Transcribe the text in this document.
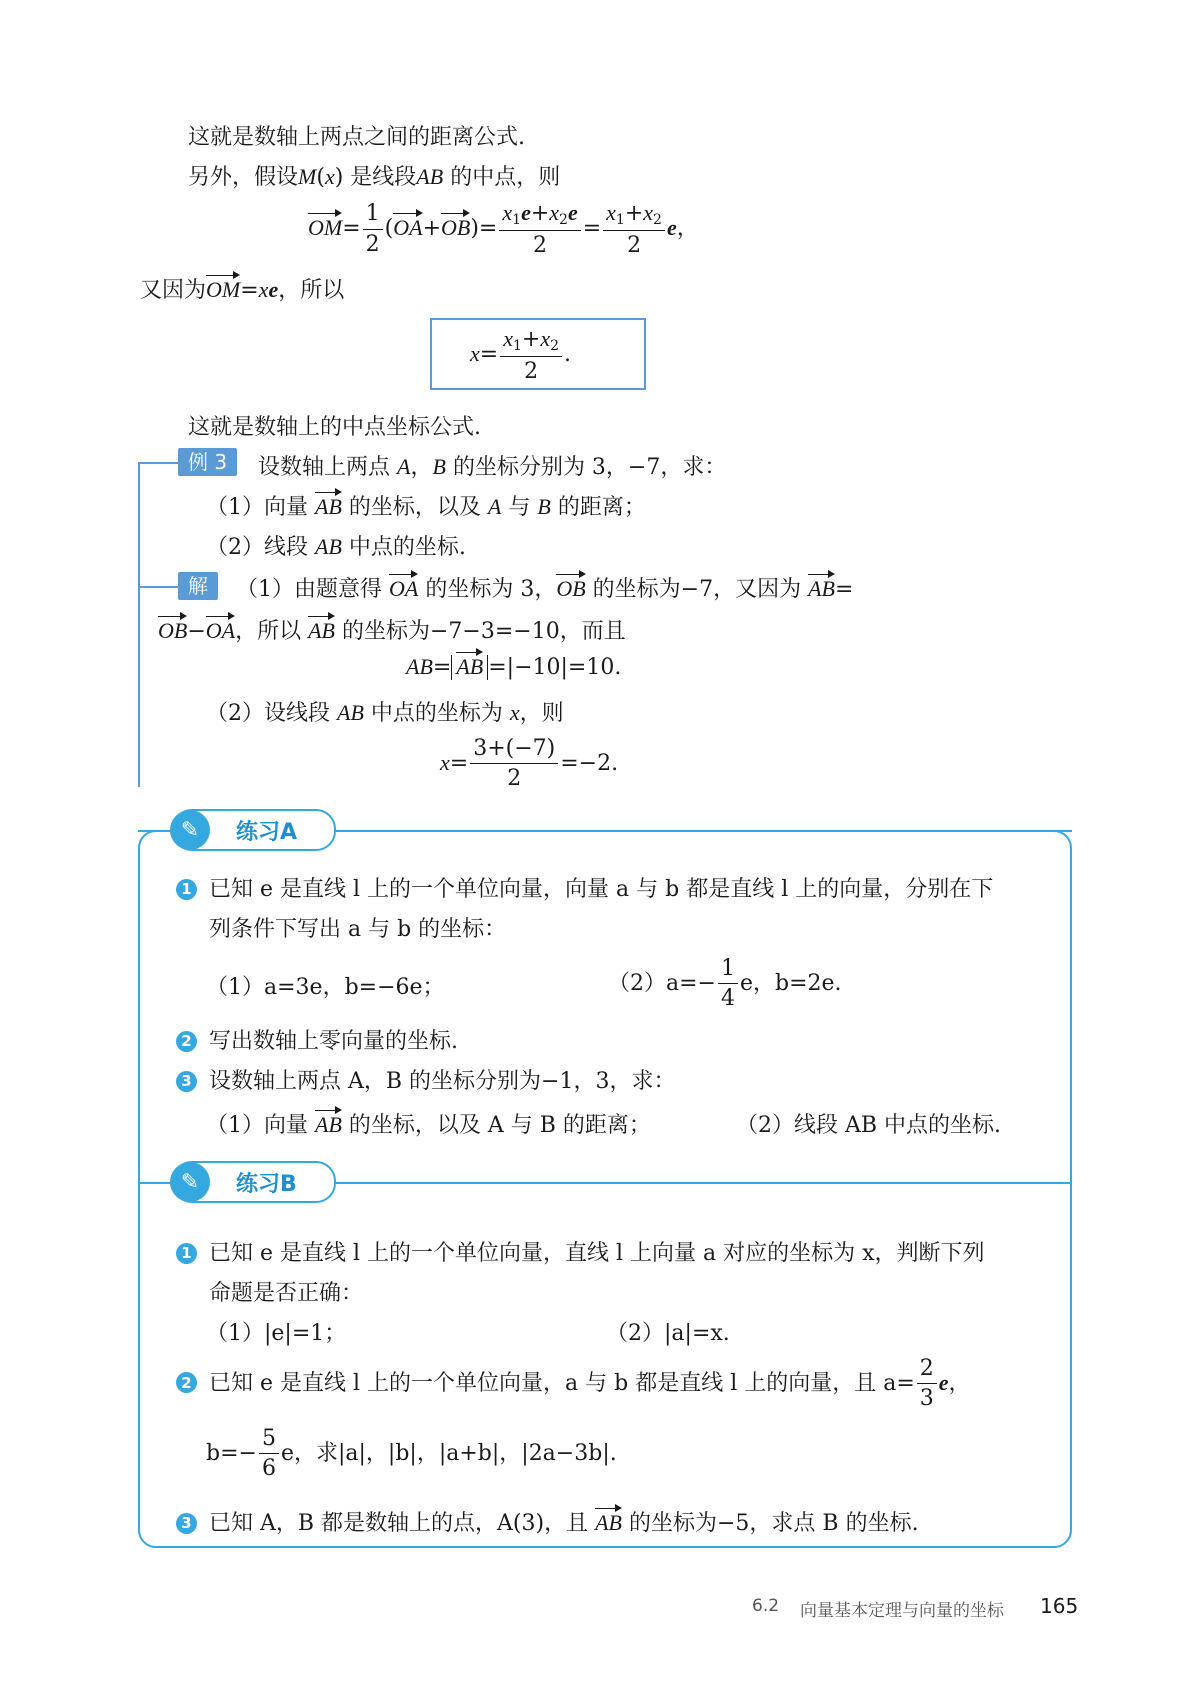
这就是数轴上两点之间的距离公式.
另外，假设M(x) 是线段AB 的中点，则
$OM= \frac{1}{2} (OA+OB)= \frac{x_1e+x_2e}{2} = \frac{x_1+x_2}{2}$ e，
又因为OM=xe，所以
$x= \frac{x_1+x_2}{2}$ .
这就是数轴上的中点坐标公式.
例 3	设数轴上两点 A，B 的坐标分别为 3，−7，求：
（1）向量 AB 的坐标，以及 A 与 B 的距离；
（2）线段 AB 中点的坐标.
解	（1）由题意得 OA 的坐标为 3，OB 的坐标为−7，又因为 AB=
OB−OA，所以 AB 的坐标为−7−3=−10，而且
AB= AB =|−10|=10.
（2）设线段 AB 中点的坐标为 x，则
$x= \frac{3+(-7)}{2} =-2$.
✎	练习A
1 已知 e 是直线 l 上的一个单位向量，向量 a 与 b 都是直线 l 上的向量，分别在下
列条件下写出 a 与 b 的坐标：
（1）a=3e，b=−6e；	$(2)a=- \frac{1}{4}$ e，b=2e.
2 写出数轴上零向量的坐标.
3 设数轴上两点 A，B 的坐标分别为−1，3，求：
（1）向量 AB 的坐标，以及 A 与 B 的距离；	（2）线段 AB 中点的坐标.
✎	练习B
1 已知 e 是直线 l 上的一个单位向量，直线 l 上向量 a 对应的坐标为 x，判断下列
命题是否正确：
（1）|e|=1；	（2）|a|=x.
2 已知 e 是直线 l 上的一个单位向量，a 与 b 都是直线 l 上的向量，且 $a= \frac{2}{3}$ e，
$b=- \frac{5}{6}$ e，求|a|，|b|，|a+b|，|2a−3b|.
3 已知 A，B 都是数轴上的点，A(3)，且 AB 的坐标为−5，求点 B 的坐标.
6.2 向量基本定理与向量的坐标 165
